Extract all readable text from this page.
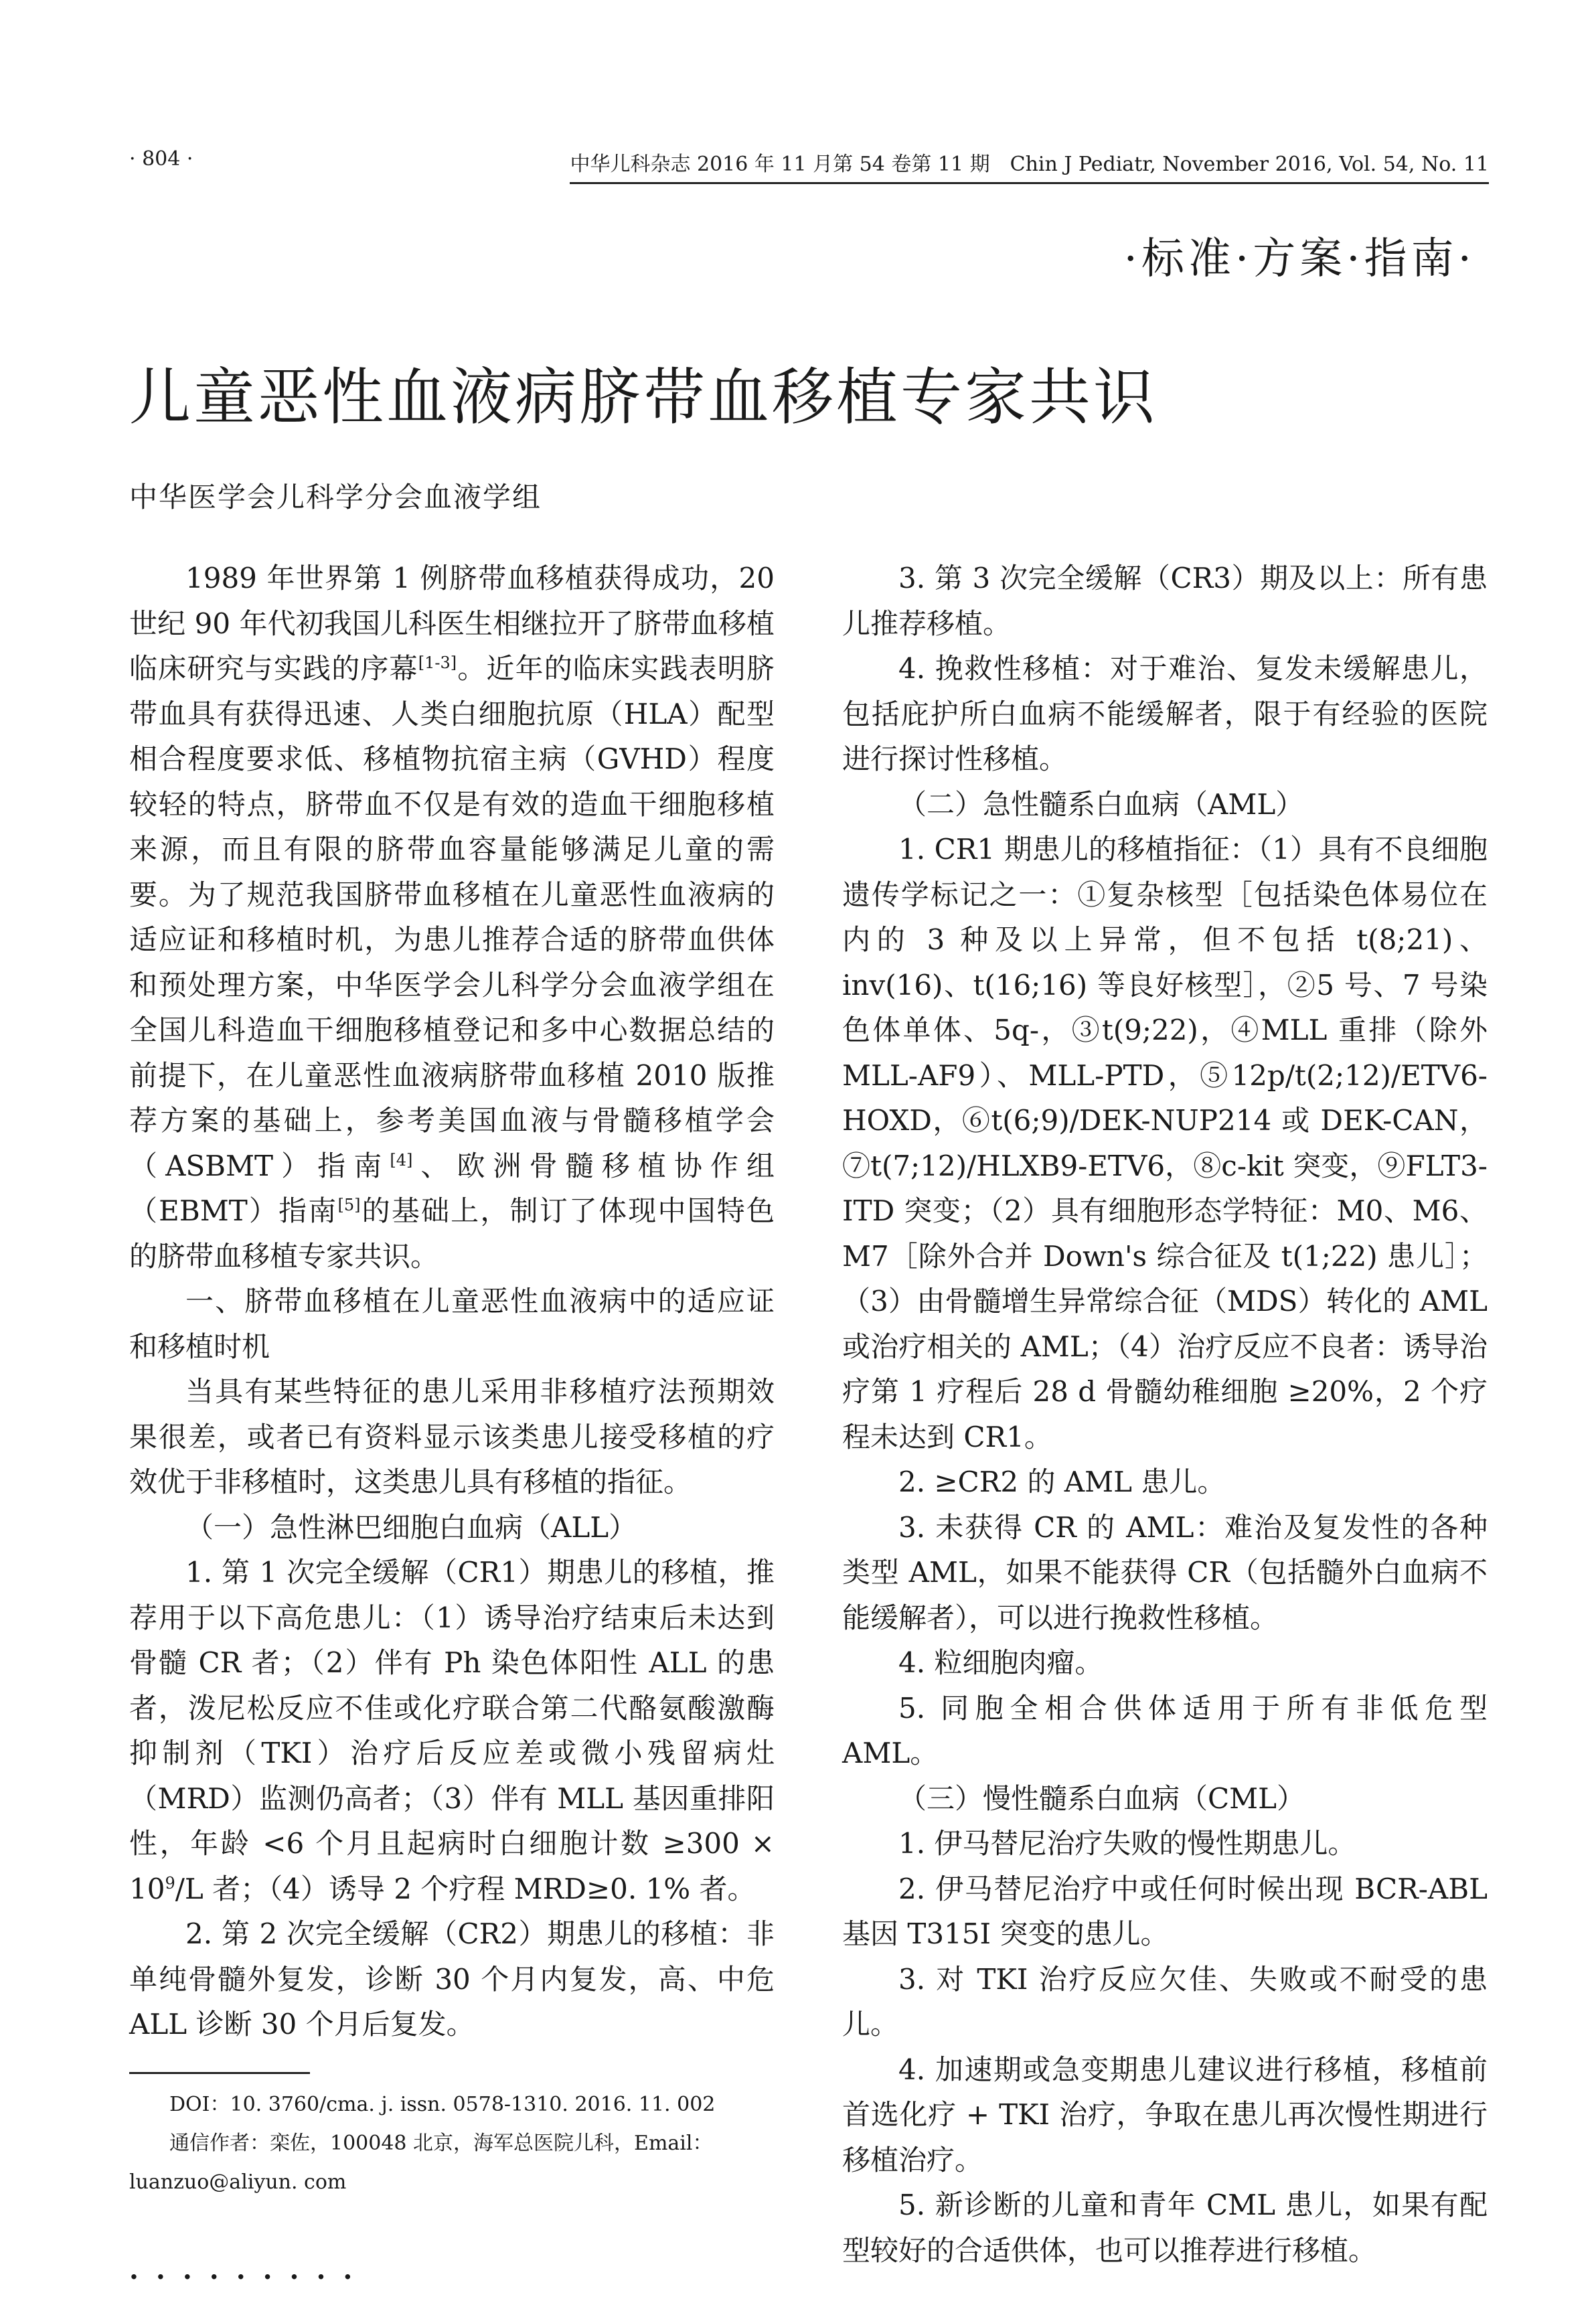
· 804 ·	中华儿科杂志 2016 年 11 月第 54 卷第 11 期　Chin J Pediatr, November 2016, Vol. 54, No. 11
·标准·方案·指南·
儿童恶性血液病脐带血移植专家共识
中华医学会儿科学分会血液学组

1989 年世界第 1 例脐带血移植获得成功，20 世纪 90 年代初我国儿科医生相继拉开了脐带血移植临床研究与实践的序幕[1-3]。近年的临床实践表明脐带血具有获得迅速、人类白细胞抗原（HLA）配型相合程度要求低、移植物抗宿主病（GVHD）程度较轻的特点，脐带血不仅是有效的造血干细胞移植来源，而且有限的脐带血容量能够满足儿童的需要。为了规范我国脐带血移植在儿童恶性血液病的适应证和移植时机，为患儿推荐合适的脐带血供体和预处理方案，中华医学会儿科学分会血液学组在全国儿科造血干细胞移植登记和多中心数据总结的前提下，在儿童恶性血液病脐带血移植 2010 版推荐方案的基础上，参考美国血液与骨髓移植学会（ASBMT）指南[4]、欧洲骨髓移植协作组（EBMT）指南[5]的基础上，制订了体现中国特色的脐带血移植专家共识。

一、脐带血移植在儿童恶性血液病中的适应证和移植时机

当具有某些特征的患儿采用非移植疗法预期效果很差，或者已有资料显示该类患儿接受移植的疗效优于非移植时，这类患儿具有移植的指征。

（一）急性淋巴细胞白血病（ALL）

1. 第 1 次完全缓解（CR1）期患儿的移植，推荐用于以下高危患儿：（1）诱导治疗结束后未达到骨髓 CR 者；（2）伴有 Ph 染色体阳性 ALL 的患者，泼尼松反应不佳或化疗联合第二代酪氨酸激酶抑制剂（TKI）治疗后反应差或微小残留病灶（MRD）监测仍高者；（3）伴有 MLL 基因重排阳性，年龄 <6 个月且起病时白细胞计数 $\ge 300 \times 10^9/L$ 者；（4）诱导 2 个疗程 MRD≥0. 1% 者。

2. 第 2 次完全缓解（CR2）期患儿的移植：非单纯骨髓外复发，诊断 30 个月内复发，高、中危 ALL 诊断 30 个月后复发。

3. 第 3 次完全缓解（CR3）期及以上：所有患儿推荐移植。

4. 挽救性移植：对于难治、复发未缓解患儿，包括庇护所白血病不能缓解者，限于有经验的医院进行探讨性移植。

（二）急性髓系白血病（AML）

1. CR1 期患儿的移植指征：（1）具有不良细胞遗传学标记之一：①复杂核型［包括染色体易位在内的 3 种及以上异常，但不包括 t(8;21)、inv(16)、t(16;16) 等良好核型］，②5 号、7 号染色体单体、5q-，③t(9;22)，④MLL 重排（除外 MLL-AF9）、MLL-PTD，⑤12p/t(2;12)/ETV6-HOXD，⑥t(6;9)/DEK-NUP214 或 DEK-CAN，⑦t(7;12)/HLXB9-ETV6，⑧c-kit 突变，⑨FLT3-ITD 突变；（2）具有细胞形态学特征：M0、M6、M7［除外合并 Down's 综合征及 t(1;22) 患儿］；（3）由骨髓增生异常综合征（MDS）转化的 AML 或治疗相关的 AML；（4）治疗反应不良者：诱导治疗第 1 疗程后 28 d 骨髓幼稚细胞 ≥20%，2 个疗程未达到 CR1。

2. ≥CR2 的 AML 患儿。

3. 未获得 CR 的 AML：难治及复发性的各种类型 AML，如果不能获得 CR（包括髓外白血病不能缓解者），可以进行挽救性移植。

4. 粒细胞肉瘤。

5. 同胞全相合供体适用于所有非低危型 AML。

（三）慢性髓系白血病（CML）

1. 伊马替尼治疗失败的慢性期患儿。

2. 伊马替尼治疗中或任何时候出现 BCR-ABL 基因 T315I 突变的患儿。

3. 对 TKI 治疗反应欠佳、失败或不耐受的患儿。

4. 加速期或急变期患儿建议进行移植，移植前首选化疗 + TKI 治疗，争取在患儿再次慢性期进行移植治疗。

5. 新诊断的儿童和青年 CML 患儿，如果有配型较好的合适供体，也可以推荐进行移植。

DOI：10. 3760/cma. j. issn. 0578-1310. 2016. 11. 002

通信作者：栾佐，100048 北京，海军总医院儿科，Email：luanzuo@aliyun. com

·········
